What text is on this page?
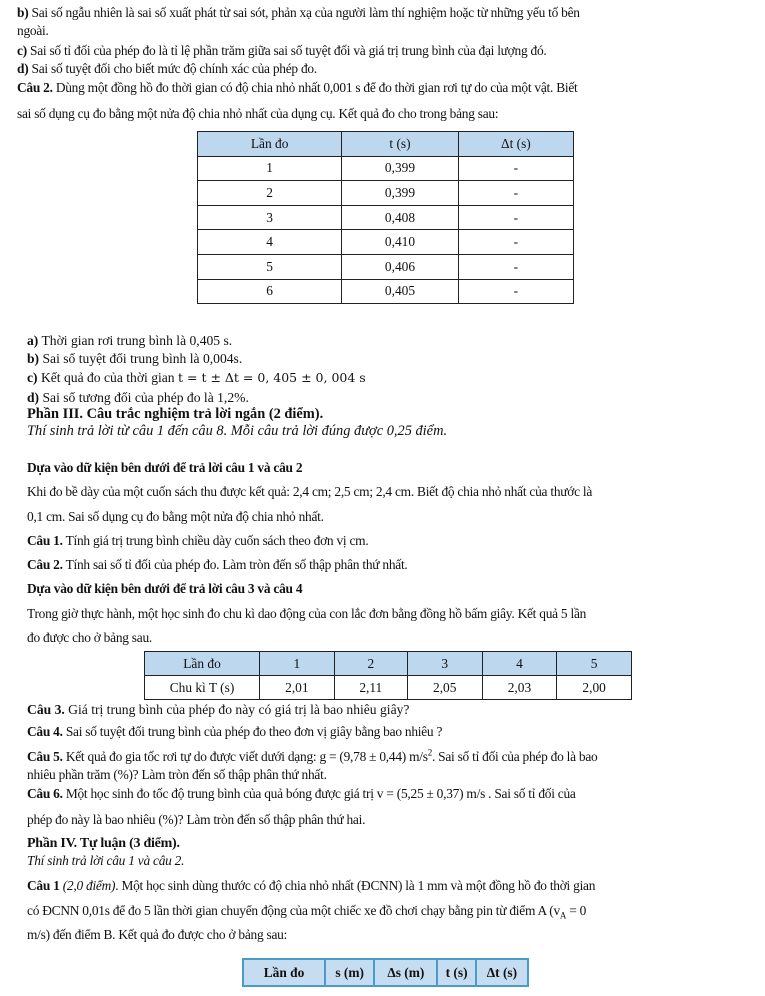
b) Sai số ngẫu nhiên là sai số xuất phát từ sai sót, phản xạ của người làm thí nghiệm hoặc từ những yếu tố bên
ngoài.
c) Sai số tỉ đối của phép đo là tỉ lệ phần trăm giữa sai số tuyệt đối và giá trị trung bình của đại lượng đó.
d) Sai số tuyệt đối cho biết mức độ chính xác của phép đo.
Câu 2. Dùng một đồng hồ đo thời gian có độ chia nhỏ nhất 0,001 s để đo thời gian rơi tự do của một vật. Biết
sai số dụng cụ đo bằng một nửa độ chia nhỏ nhất của dụng cụ. Kết quả đo cho trong bảng sau:
Lần đo	t (s)	Δt (s)
1	0,399	-
2	0,399	-
3	0,408	-
4	0,410	-
5	0,406	-
6	0,405	-
a) Thời gian rơi trung bình là 0,405 s.
b) Sai số tuyệt đối trung bình là 0,004s.
c) Kết quả đo của thời gian t = t ± Δt = 0, 405 ± 0, 004 s
d) Sai số tương đối của phép đo là 1,2%.
Phần III. Câu trắc nghiệm trả lời ngắn (2 điểm).
Thí sinh trả lời từ câu 1 đến câu 8. Mỗi câu trả lời đúng được 0,25 điểm.
Dựa vào dữ kiện bên dưới để trả lời câu 1 và câu 2
Khi đo bề dày của một cuốn sách thu được kết quả: 2,4 cm; 2,5 cm; 2,4 cm. Biết độ chia nhỏ nhất của thước là
0,1 cm. Sai số dụng cụ đo bằng một nửa độ chia nhỏ nhất.
Câu 1. Tính giá trị trung bình chiều dày cuốn sách theo đơn vị cm.
Câu 2. Tính sai số tỉ đối của phép đo. Làm tròn đến số thập phân thứ nhất.
Dựa vào dữ kiện bên dưới để trả lời câu 3 và câu 4
Trong giờ thực hành, một học sinh đo chu kì dao động của con lắc đơn bằng đồng hồ bấm giây. Kết quả 5 lần
đo được cho ở bảng sau.
Lần đo	1	2	3	4	5
Chu kì T (s)	2,01	2,11	2,05	2,03	2,00
Câu 3. Giá trị trung bình của phép đo này có giá trị là bao nhiêu giây?
Câu 4. Sai số tuyệt đối trung bình của phép đo theo đơn vị giây bằng bao nhiêu ?
Câu 5. Kết quả đo gia tốc rơi tự do được viết dưới dạng: g = (9,78 ± 0,44) $m/s^2$. Sai số tỉ đối của phép đo là bao
nhiêu phần trăm (%)? Làm tròn đến số thập phân thứ nhất.
Câu 6. Một học sinh đo tốc độ trung bình của quả bóng được giá trị v = (5,25 ± 0,37) m/s . Sai số tỉ đối của
phép đo này là bao nhiêu (%)? Làm tròn đến số thập phân thứ hai.
Phần IV. Tự luận (3 điểm).
Thí sinh trả lời câu 1 và câu 2.
Câu 1 (2,0 điểm). Một học sinh dùng thước có độ chia nhỏ nhất (ĐCNN) là 1 mm và một đồng hồ đo thời gian
có ĐCNN 0,01s để đo 5 lần thời gian chuyển động của một chiếc xe đồ chơi chạy bằng pin từ điểm A ($v_A = 0$
m/s) đến điểm B. Kết quả đo được cho ở bảng sau:
Lần đo	s (m)	Δs (m)	t (s)	Δt (s)
